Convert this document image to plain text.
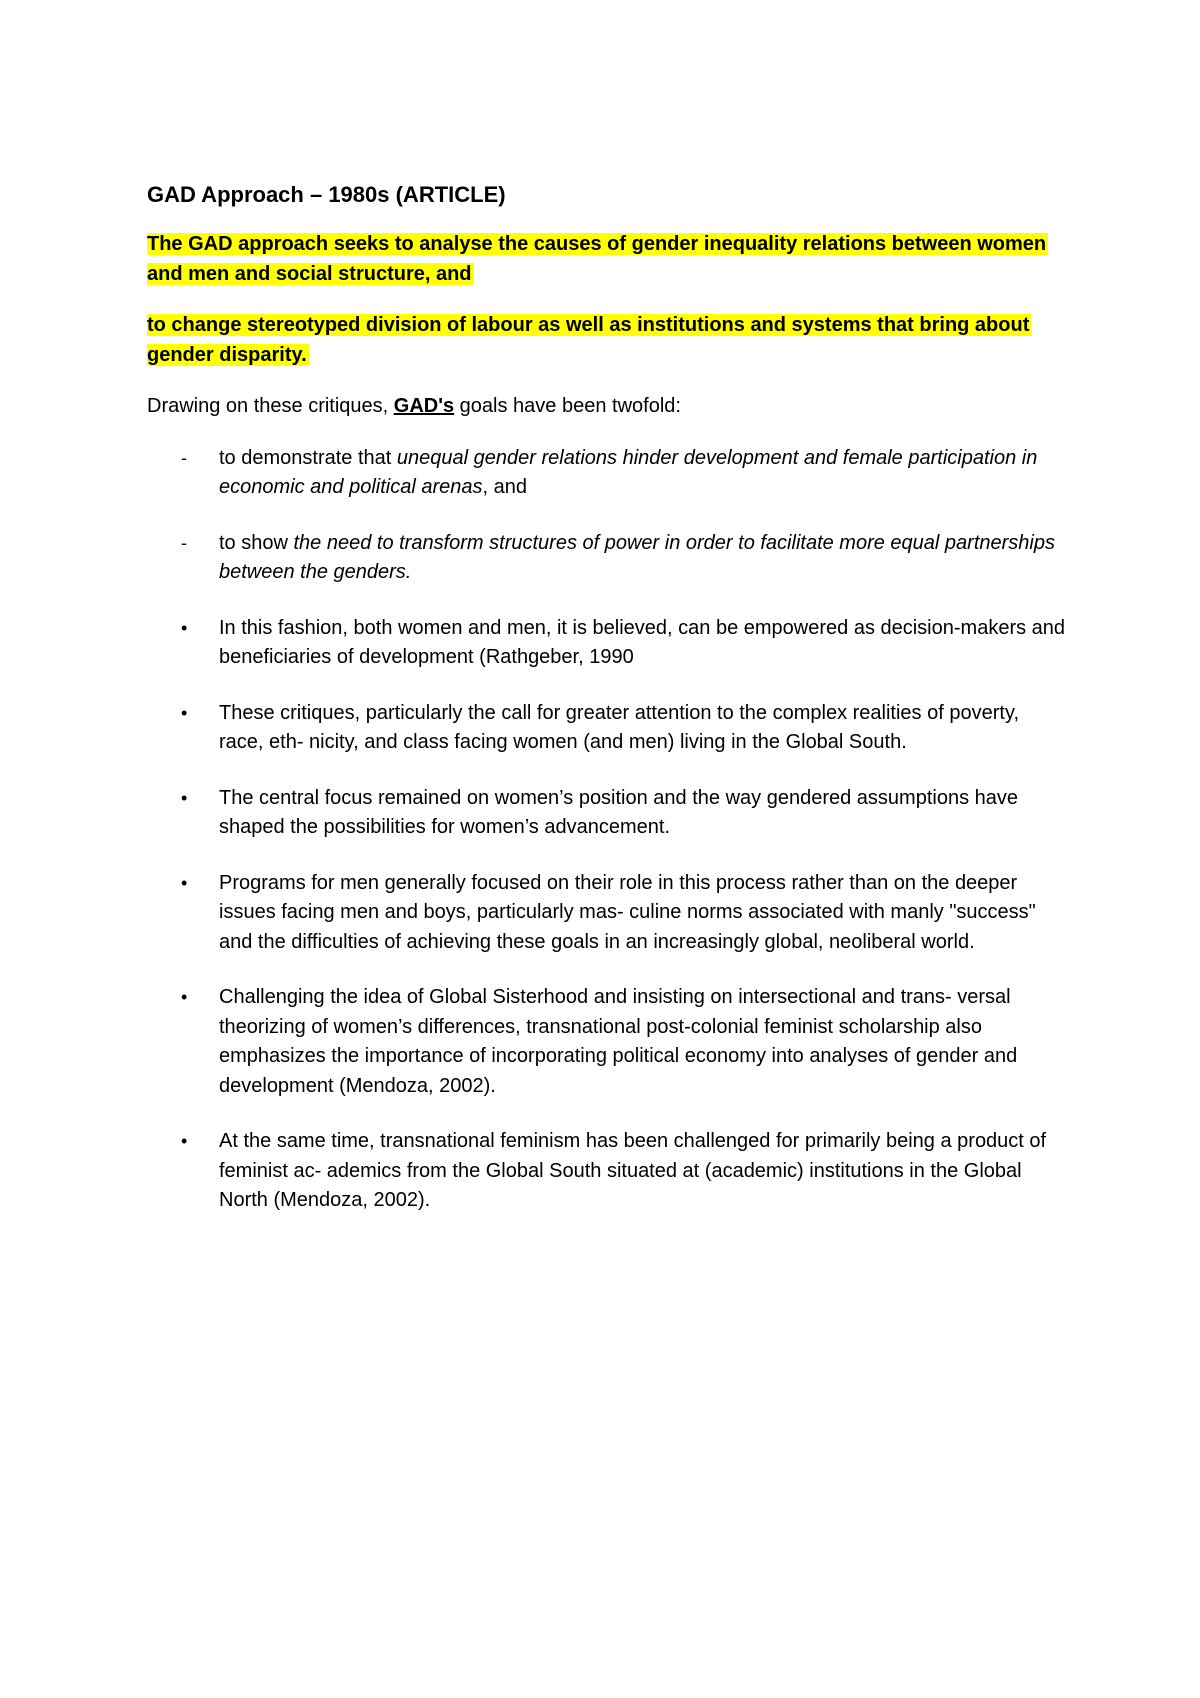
GAD Approach – 1980s (ARTICLE)
The GAD approach seeks to analyse the causes of gender inequality relations between women and men and social structure, and
to change stereotyped division of labour as well as institutions and systems that bring about gender disparity.
Drawing on these critiques, GAD's goals have been twofold:
-	to demonstrate that unequal gender relations hinder development and female participation in economic and political arenas, and
-	to show the need to transform structures of power in order to facilitate more equal partnerships between the genders.
•	In this fashion, both women and men, it is believed, can be empowered as decision-makers and beneficiaries of development (Rathgeber, 1990
•	These critiques, particularly the call for greater attention to the complex realities of poverty, race, eth- nicity, and class facing women (and men) living in the Global South.
•	The central focus remained on women’s position and the way gendered assumptions have shaped the possibilities for women’s advancement.
•	Programs for men generally focused on their role in this process rather than on the deeper issues facing men and boys, particularly mas- culine norms associated with manly "success" and the difficulties of achieving these goals in an increasingly global, neoliberal world.
•	Challenging the idea of Global Sisterhood and insisting on intersectional and trans- versal theorizing of women’s differences, transnational post-colonial feminist scholarship also emphasizes the importance of incorporating political economy into analyses of gender and development (Mendoza, 2002).
•	At the same time, transnational feminism has been challenged for primarily being a product of feminist ac- ademics from the Global South situated at (academic) institutions in the Global North (Mendoza, 2002).
